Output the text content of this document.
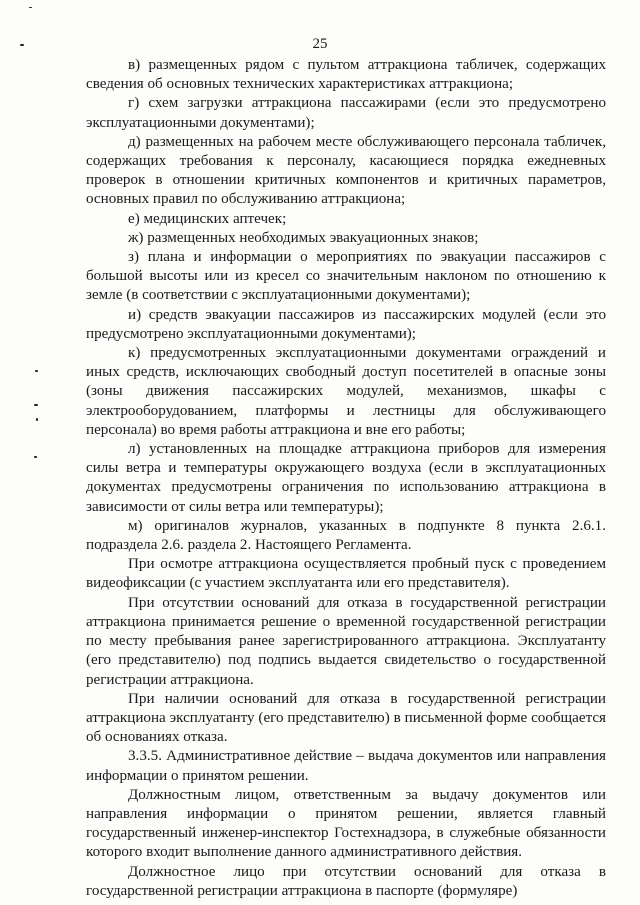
25

в) размещенных рядом с пультом аттракциона табличек, содержащих сведения об основных технических характеристиках аттракциона;

г) схем загрузки аттракциона пассажирами (если это предусмотрено эксплуатационными документами);

д) размещенных на рабочем месте обслуживающего персонала табличек, содержащих требования к персоналу, касающиеся порядка ежедневных проверок в отношении критичных компонентов и критичных параметров, основных правил по обслуживанию аттракциона;

е) медицинских аптечек;

ж) размещенных необходимых эвакуационных знаков;

з) плана и информации о мероприятиях по эвакуации пассажиров с большой высоты или из кресел со значительным наклоном по отношению к земле (в соответствии с эксплуатационными документами);

и) средств эвакуации пассажиров из пассажирских модулей (если это предусмотрено эксплуатационными документами);

к) предусмотренных эксплуатационными документами ограждений и иных средств, исключающих свободный доступ посетителей в опасные зоны (зоны движения пассажирских модулей, механизмов, шкафы с электрооборудованием, платформы и лестницы для обслуживающего персонала) во время работы аттракциона и вне его работы;

л) установленных на площадке аттракциона приборов для измерения силы ветра и температуры окружающего воздуха (если в эксплуатационных документах предусмотрены ограничения по использованию аттракциона в зависимости от силы ветра или температуры);

м) оригиналов журналов, указанных в подпункте 8 пункта 2.6.1. подраздела 2.6. раздела 2. Настоящего Регламента.

При осмотре аттракциона осуществляется пробный пуск с проведением видеофиксации (с участием эксплуатанта или его представителя).

При отсутствии оснований для отказа в государственной регистрации аттракциона принимается решение о временной государственной регистрации по месту пребывания ранее зарегистрированного аттракциона. Эксплуатанту (его представителю) под подпись выдается свидетельство о государственной регистрации аттракциона.

При наличии оснований для отказа в государственной регистрации аттракциона эксплуатанту (его представителю) в письменной форме сообщается об основаниях отказа.

3.3.5. Административное действие – выдача документов или направления информации о принятом решении.

Должностным лицом, ответственным за выдачу документов или направления информации о принятом решении, является главный государственный инженер-инспектор Гостехнадзора, в служебные обязанности которого входит выполнение данного административного действия.

Должностное лицо при отсутствии оснований для отказа в государственной регистрации аттракциона в паспорте (формуляре)
